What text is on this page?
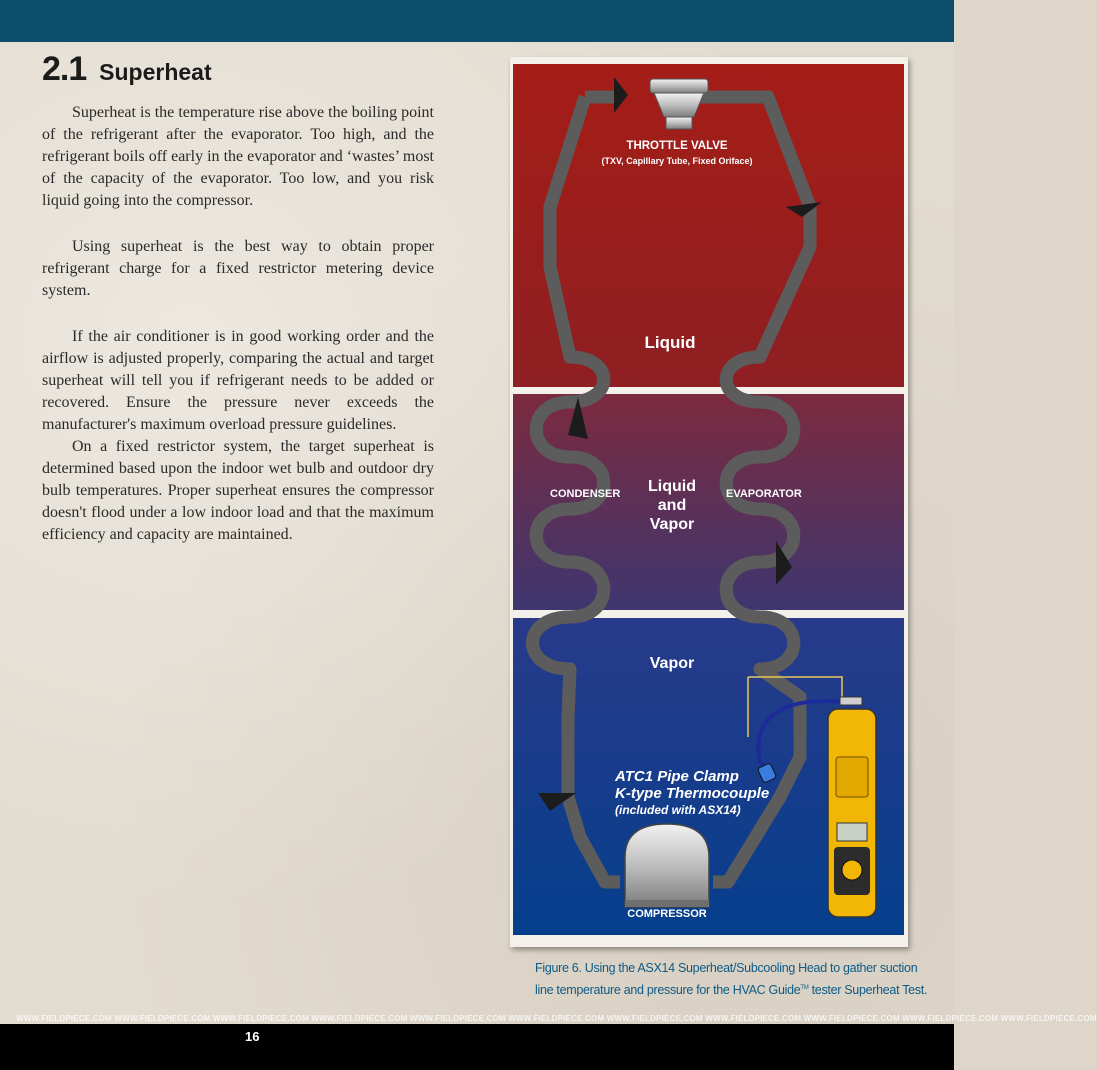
2.1 Superheat

Superheat is the temperature rise above the boiling point of the refrigerant after the evaporator. Too high, and the refrigerant boils off early in the evaporator and ‘wastes’ most of the capacity of the evaporator. Too low, and you risk liquid going into the compressor.

Using superheat is the best way to obtain proper refrigerant charge for a fixed restrictor metering device system.

If the air conditioner is in good working order and the airflow is adjusted properly, comparing the actual and target superheat will tell you if refrigerant needs to be added or recovered. Ensure the pressure never exceeds the manufacturer's maximum overload pressure guidelines.

On a fixed restrictor system, the target superheat is determined based upon the indoor wet bulb and outdoor dry bulb temperatures. Proper superheat ensures the compressor doesn't flood under a low indoor load and that the maximum efficiency and capacity are maintained.

THROTTLE VALVE
(TXV, Capillary Tube, Fixed Oriface)
Liquid
Liquid
and
Vapor
Vapor
CONDENSER	EVAPORATOR
ATC1 Pipe Clamp
K-type Thermocouple
(included with ASX14)
COMPRESSOR
Figure 6. Using the ASX14 Superheat/Subcooling Head to gather suction line temperature and pressure for the HVAC Guide™ tester Superheat Test.
WWW.FIELDPIECE.COM WWW.FIELDPIECE.COM WWW.FIELDPIECE.COM WWW.FIELDPIECE.COM WWW.FIELDPIECE.COM WWW.FIELDPIECE.COM WWW.FIELDPIECE.COM WWW.FIELDPIECE.COM WWW.FIELDPIECE.COM WWW.FIELDPIECE.COM WWW.FIELDPIECE.COM
16
